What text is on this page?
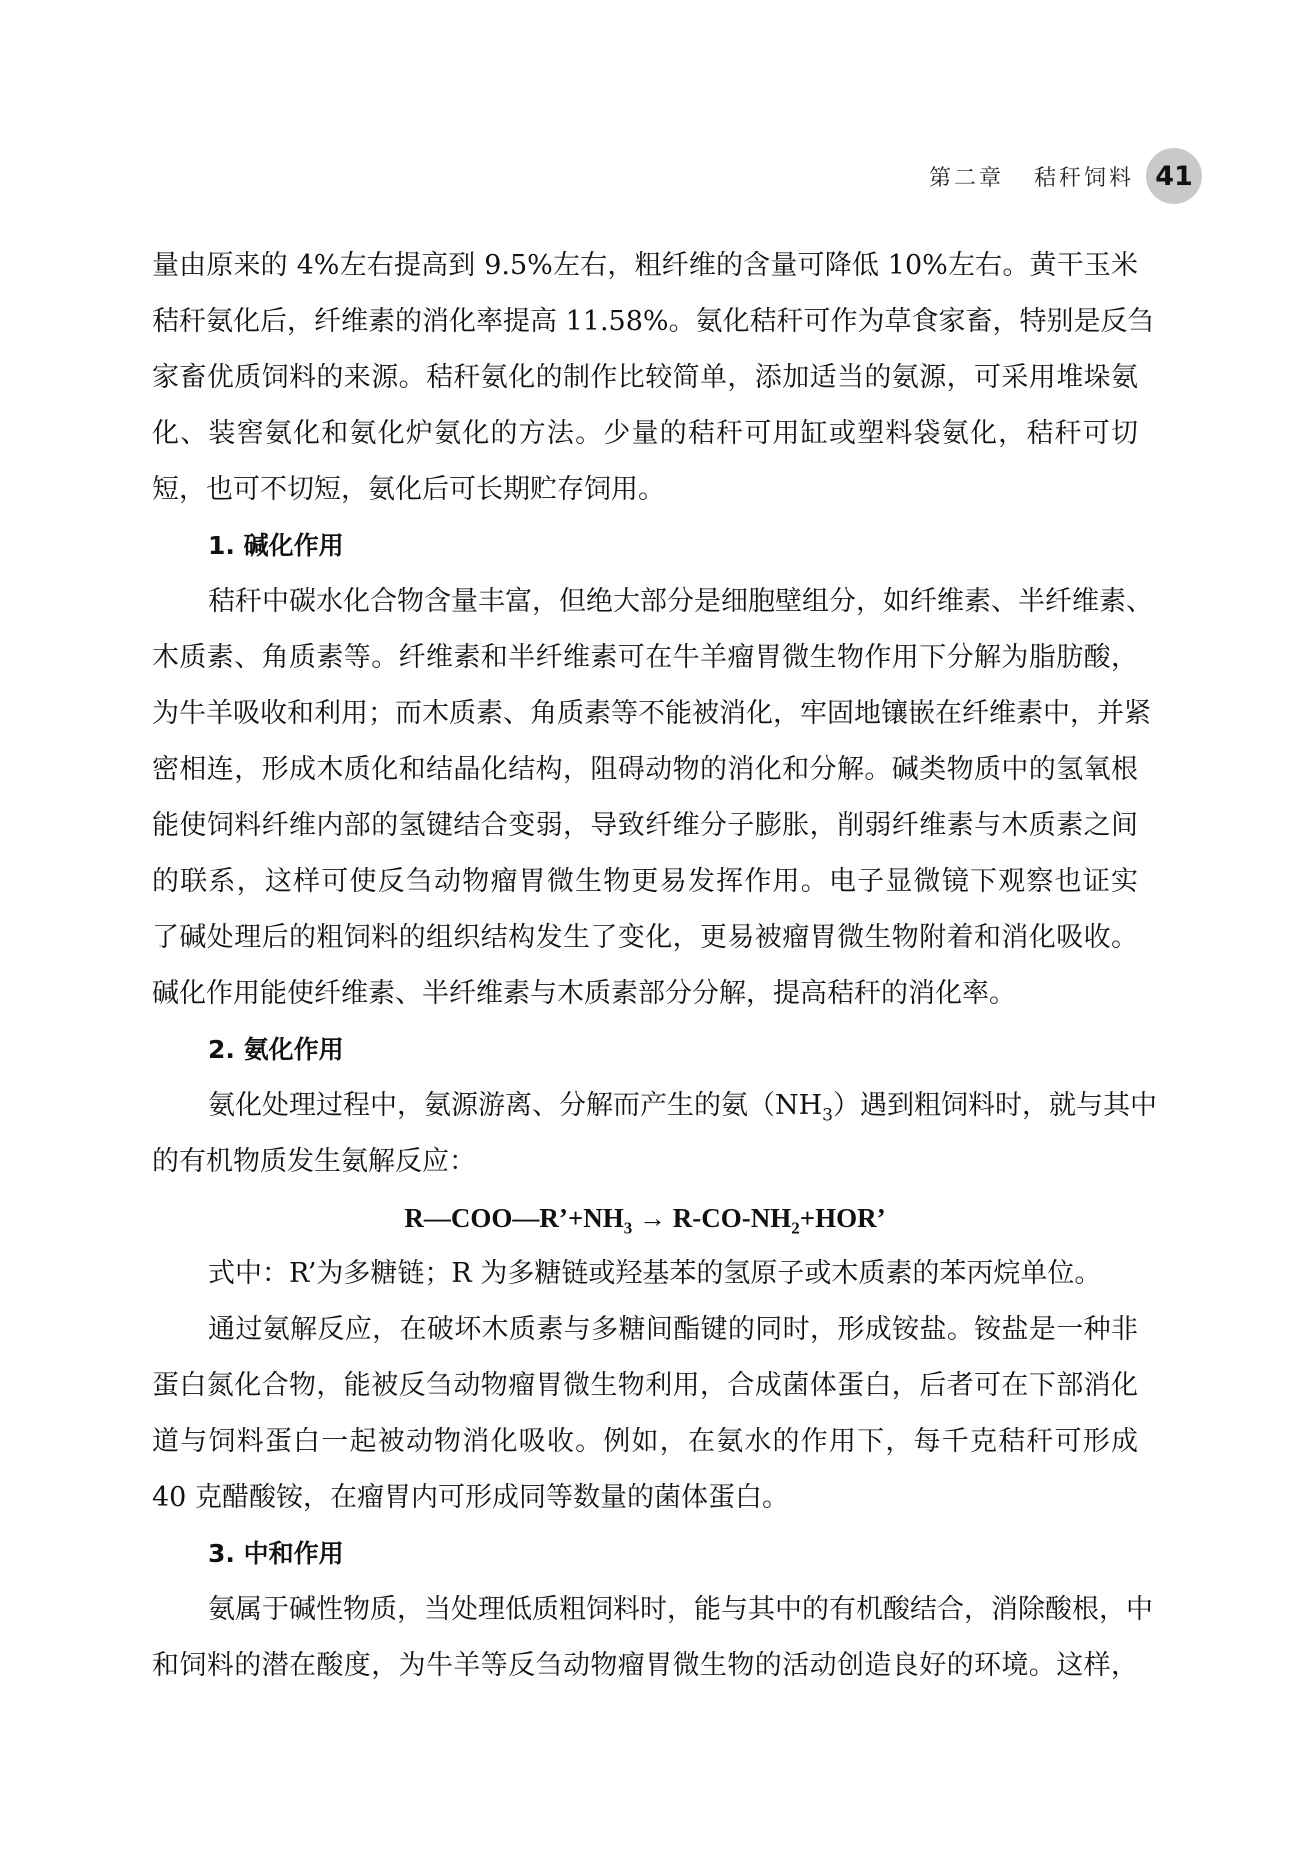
第二章 秸秆饲料 41
量由原来的 4%左右提高到 9.5%左右，粗纤维的含量可降低 10%左右。黄干玉米
秸秆氨化后，纤维素的消化率提高 11.58%。氨化秸秆可作为草食家畜，特别是反刍
家畜优质饲料的来源。秸秆氨化的制作比较简单，添加适当的氨源，可采用堆垛氨
化、装窖氨化和氨化炉氨化的方法。少量的秸秆可用缸或塑料袋氨化，秸秆可切
短，也可不切短，氨化后可长期贮存饲用。
1. 碱化作用
秸秆中碳水化合物含量丰富，但绝大部分是细胞壁组分，如纤维素、半纤维素、
木质素、角质素等。纤维素和半纤维素可在牛羊瘤胃微生物作用下分解为脂肪酸，
为牛羊吸收和利用；而木质素、角质素等不能被消化，牢固地镶嵌在纤维素中，并紧
密相连，形成木质化和结晶化结构，阻碍动物的消化和分解。碱类物质中的氢氧根
能使饲料纤维内部的氢键结合变弱，导致纤维分子膨胀，削弱纤维素与木质素之间
的联系，这样可使反刍动物瘤胃微生物更易发挥作用。电子显微镜下观察也证实
了碱处理后的粗饲料的组织结构发生了变化，更易被瘤胃微生物附着和消化吸收。
碱化作用能使纤维素、半纤维素与木质素部分分解，提高秸秆的消化率。
2. 氨化作用
氨化处理过程中，氨源游离、分解而产生的氨$(NH_3)$遇到粗饲料时，就与其中
的有机物质发生氨解反应：
$R—COO—R’+NH_3 \to R-CO-NH_2+HOR$’
式中：R’为多糖链；R 为多糖链或羟基苯的氢原子或木质素的苯丙烷单位。
通过氨解反应，在破坏木质素与多糖间酯键的同时，形成铵盐。铵盐是一种非
蛋白氮化合物，能被反刍动物瘤胃微生物利用，合成菌体蛋白，后者可在下部消化
道与饲料蛋白一起被动物消化吸收。例如，在氨水的作用下，每千克秸秆可形成
40 克醋酸铵，在瘤胃内可形成同等数量的菌体蛋白。
3. 中和作用
氨属于碱性物质，当处理低质粗饲料时，能与其中的有机酸结合，消除酸根，中
和饲料的潜在酸度，为牛羊等反刍动物瘤胃微生物的活动创造良好的环境。这样，
